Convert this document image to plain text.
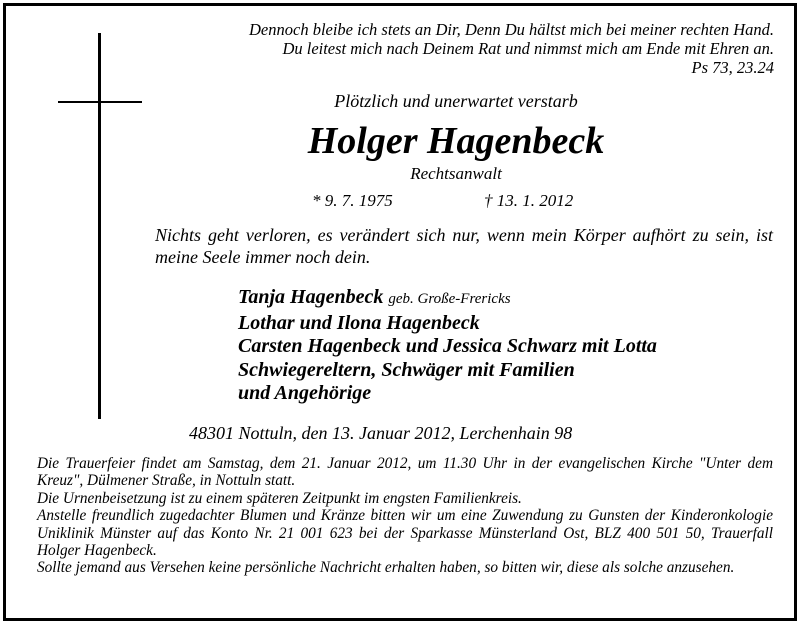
Dennoch bleibe ich stets an Dir, Denn Du hältst mich bei meiner rechten Hand.
Du leitest mich nach Deinem Rat und nimmst mich am Ende mit Ehren an.
Ps 73, 23.24
Plötzlich und unerwartet verstarb
Holger Hagenbeck
Rechtsanwalt
* 9. 7. 1975	† 13. 1. 2012
Nichts geht verloren, es verändert sich nur, wenn mein Körper aufhört zu sein, ist meine Seele immer noch dein.
Tanja Hagenbeck geb. Große-Frericks
Lothar und Ilona Hagenbeck
Carsten Hagenbeck und Jessica Schwarz mit Lotta
Schwiegereltern, Schwäger mit Familien
und Angehörige
48301 Nottuln, den 13. Januar 2012, Lerchenhain 98

Die Trauerfeier findet am Samstag, dem 21. Januar 2012, um 11.30 Uhr in der evangelischen Kirche "Unter dem Kreuz", Dülmener Straße, in Nottuln statt.

Die Urnenbeisetzung ist zu einem späteren Zeitpunkt im engsten Familienkreis.

Anstelle freundlich zugedachter Blumen und Kränze bitten wir um eine Zuwendung zu Gunsten der Kinderonkologie Uniklinik Münster auf das Konto Nr. 21 001 623 bei der Sparkasse Münsterland Ost, BLZ 400 501 50, Trauerfall Holger Hagenbeck.

Sollte jemand aus Versehen keine persönliche Nachricht erhalten haben, so bitten wir, diese als solche anzusehen.
